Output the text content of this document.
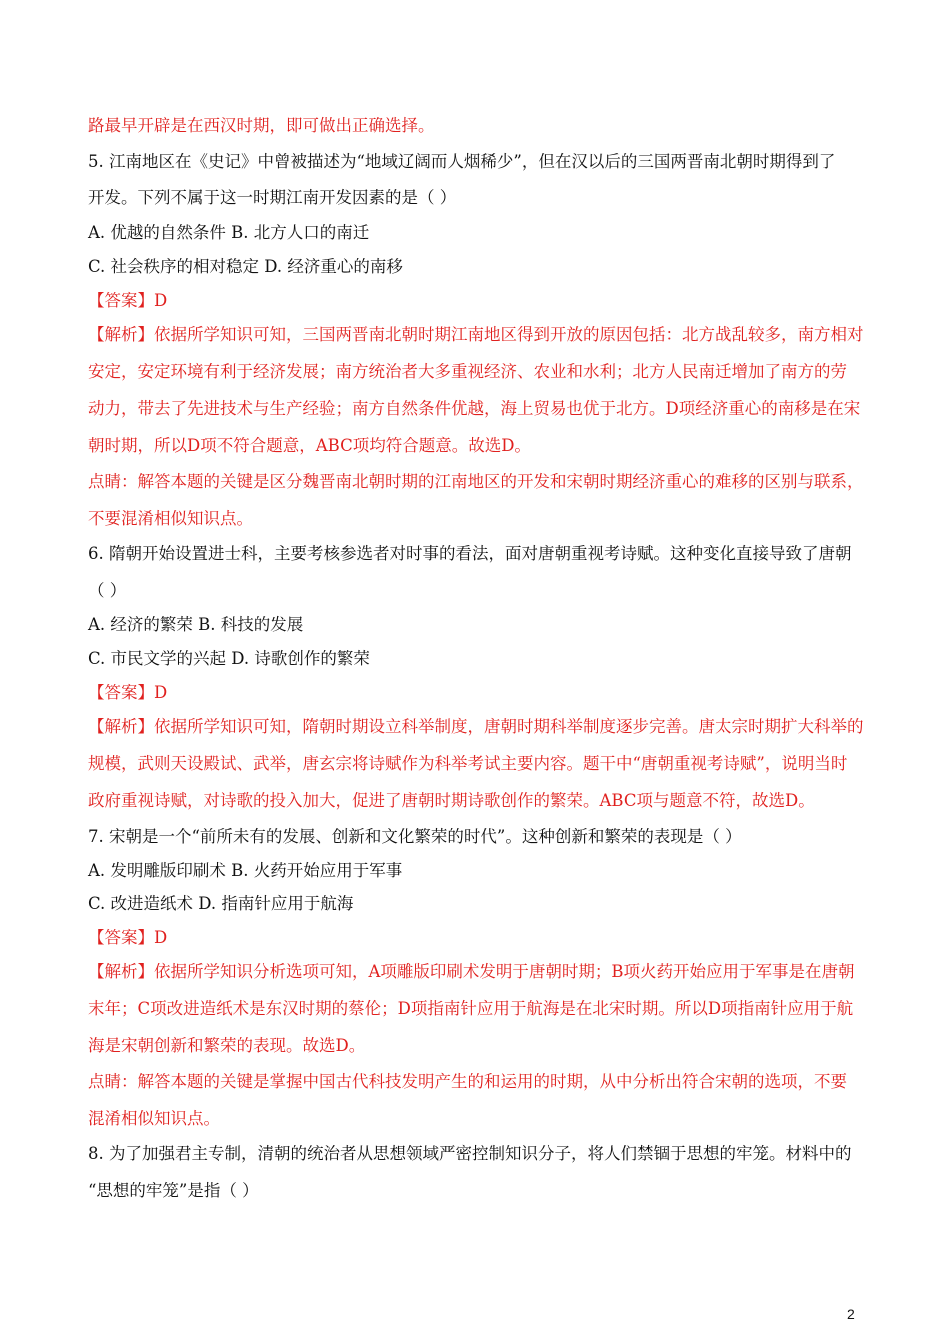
路最早开辟是在西汉时期，即可做出正确选择。
5. 江南地区在《史记》中曾被描述为“地域辽阔而人烟稀少”，但在汉以后的三国两晋南北朝时期得到了
开发。下列不属于这一时期江南开发因素的是（ ）
A. 优越的自然条件 B. 北方人口的南迁
C. 社会秩序的相对稳定 D. 经济重心的南移
【答案】D
【解析】依据所学知识可知，三国两晋南北朝时期江南地区得到开放的原因包括：北方战乱较多，南方相对
安定，安定环境有利于经济发展；南方统治者大多重视经济、农业和水利；北方人民南迁增加了南方的劳
动力，带去了先进技术与生产经验；南方自然条件优越，海上贸易也优于北方。D项经济重心的南移是在宋
朝时期，所以D项不符合题意，ABC项均符合题意。故选D。
点睛：解答本题的关键是区分魏晋南北朝时期的江南地区的开发和宋朝时期经济重心的难移的区别与联系，
不要混淆相似知识点。
6. 隋朝开始设置进士科，主要考核参选者对时事的看法，面对唐朝重视考诗赋。这种变化直接导致了唐朝
（ ）
A. 经济的繁荣 B. 科技的发展
C. 市民文学的兴起 D. 诗歌创作的繁荣
【答案】D
【解析】依据所学知识可知，隋朝时期设立科举制度，唐朝时期科举制度逐步完善。唐太宗时期扩大科举的
规模，武则天设殿试、武举，唐玄宗将诗赋作为科举考试主要内容。题干中“唐朝重视考诗赋”，说明当时
政府重视诗赋，对诗歌的投入加大，促进了唐朝时期诗歌创作的繁荣。ABC项与题意不符，故选D。
7. 宋朝是一个“前所未有的发展、创新和文化繁荣的时代”。这种创新和繁荣的表现是（ ）
A. 发明雕版印刷术 B. 火药开始应用于军事
C. 改进造纸术 D. 指南针应用于航海
【答案】D
【解析】依据所学知识分析选项可知，A项雕版印刷术发明于唐朝时期；B项火药开始应用于军事是在唐朝
末年；C项改进造纸术是东汉时期的蔡伦；D项指南针应用于航海是在北宋时期。所以D项指南针应用于航
海是宋朝创新和繁荣的表现。故选D。
点睛：解答本题的关键是掌握中国古代科技发明产生的和运用的时期，从中分析出符合宋朝的选项，不要
混淆相似知识点。
8. 为了加强君主专制，清朝的统治者从思想领域严密控制知识分子，将人们禁锢于思想的牢笼。材料中的
“思想的牢笼”是指（ ）
2
